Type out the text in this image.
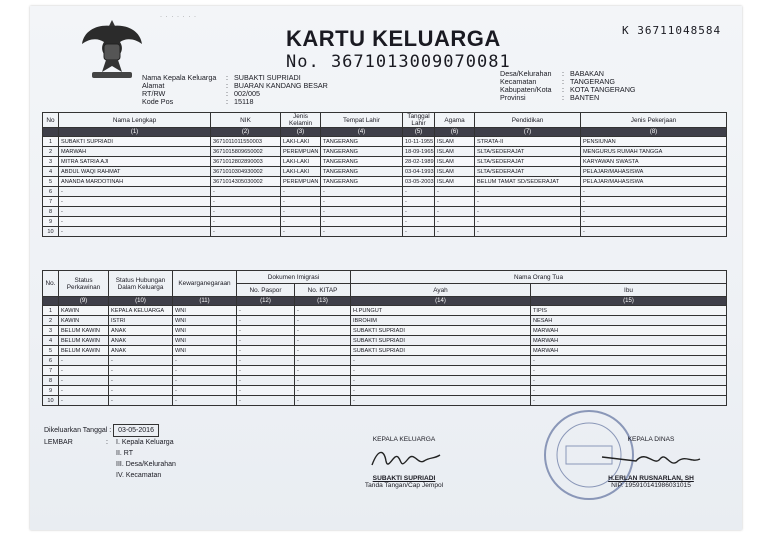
· · · · · · ·
KARTU KELUARGA
No. 3671013009070081
K 36711048584
Nama Kepala Keluarga	: SUBAKTI SUPRIADI
Alamat	: BUARAN KANDANG BESAR
RT/RW	: 002/005
Kode Pos	: 15118
Desa/Kelurahan	: BABAKAN
Kecamatan	: TANGERANG
Kabupaten/Kota	: KOTA TANGERANG
Provinsi	: BANTEN
No	Nama Lengkap	NIK	Jenis Kelamin	Tempat Lahir	Tanggal Lahir	Agama	Pendidikan	Jenis Pekerjaan
	(1)	(2)	(3)	(4)	(5)	(6)	(7)	(8)
1	SUBAKTI SUPRIADI	3671011011550003	LAKI-LAKI	TANGERANG	10-11-1955	ISLAM	STRATA-II	PENSIUNAN
2	MARWAH	3671015809650002	PEREMPUAN	TANGERANG	18-09-1965	ISLAM	SLTA/SEDERAJAT	MENGURUS RUMAH TANGGA
3	MITRA SATRIA AJI	3671012802890003	LAKI-LAKI	TANGERANG	28-02-1989	ISLAM	SLTA/SEDERAJAT	KARYAWAN SWASTA
4	ABDUL WAQI RAHMAT	3671010304930002	LAKI-LAKI	TANGERANG	03-04-1993	ISLAM	SLTA/SEDERAJAT	PELAJAR/MAHASISWA
5	ANANDA MARDOTINAH	3671014305030002	PEREMPUAN	TANGERANG	03-05-2003	ISLAM	BELUM TAMAT SD/SEDERAJAT	PELAJAR/MAHASISWA
6	-	-	-	-	-	-	-	-
7	-	-	-	-	-	-	-	-
8	-	-	-	-	-	-	-	-
9	-	-	-	-	-	-	-	-
10	-	-	-	-	-	-	-	-
No.	Status Perkawinan	Status Hubungan Dalam Keluarga	Kewarganegaraan	Dokumen Imigrasi		Nama Orang Tua	
				No. Paspor	No. KITAP	Ayah	Ibu
	(9)	(10)	(11)	(12)	(13)	(14)	(15)
1	KAWIN	KEPALA KELUARGA	WNI	-	-	H.PUNGUT	TIPIS
2	KAWIN	ISTRI	WNI	-	-	IBROHIM	NESAH
3	BELUM KAWIN	ANAK	WNI	-	-	SUBAKTI SUPRIADI	MARWAH
4	BELUM KAWIN	ANAK	WNI	-	-	SUBAKTI SUPRIADI	MARWAH
5	BELUM KAWIN	ANAK	WNI	-	-	SUBAKTI SUPRIADI	MARWAH
6	-	-	-	-	-	-	-
7	-	-	-	-	-	-	-
8	-	-	-	-	-	-	-
9	-	-	-	-	-	-	-
10	-	-	-	-	-	-	-
Dikeluarkan Tanggal : 03-05-2016
LEMBAR	:	I. Kepala Keluarga
II. RT
III. Desa/Kelurahan
IV. Kecamatan
KEPALA KELUARGA
SUBAKTI SUPRIADI
Tanda Tangan/Cap Jempol
KEPALA DINAS
H.ERLAN RUSNARLAN, SH
NIP. 195910141986031015
